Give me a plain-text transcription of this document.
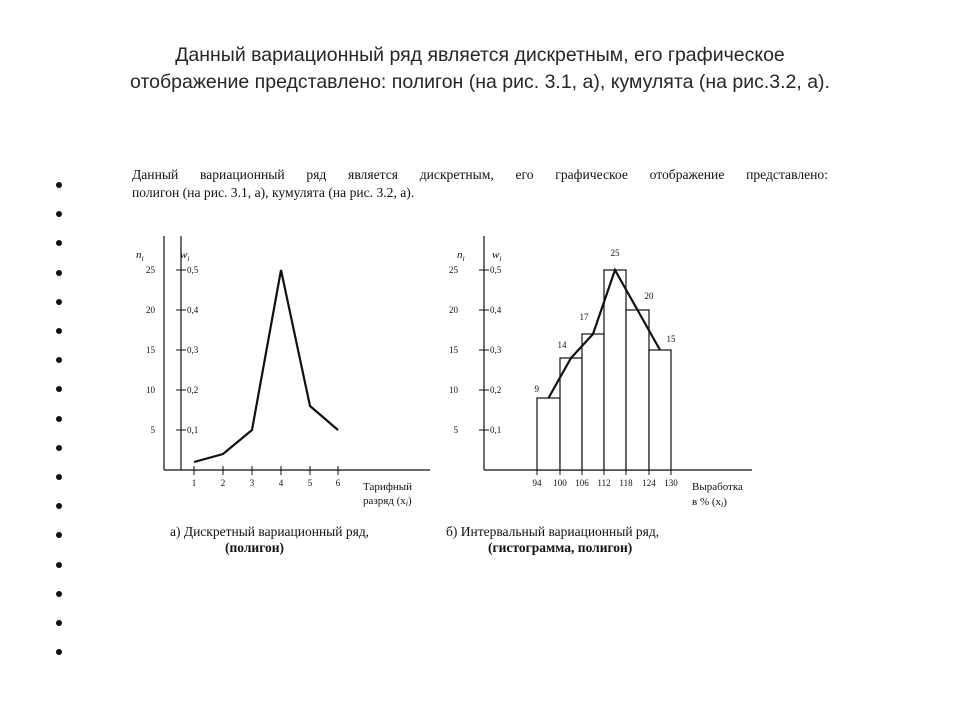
Данный вариационный ряд является дискретным, его графическое
отображение представлено: полигон (на рис. 3.1, а), кумулята (на рис.3.2, а).
Данный вариационный ряд является дискретным, его графическое отображение представлено:
полигон (на рис. 3.1, а), кумулята (на рис. 3.2, а).
5	0,1
10	0,2
15	0,3
20	0,4
25	0,5
$n_i$	$w_i$
1	2	3	4	5	6 Тарифный
разряд (xi)
5	0,1
10	0,2
15	0,3
20	0,4
25	0,5
$n_i$ $w_i$
94 100 106 112 118 124 130 Выработка
в % (xi)
9
14
17
25
20
15
а) Дискретный вариационный ряд,
(полигон)
б) Интервальный вариационный ряд,
(гистограмма, полигон)
